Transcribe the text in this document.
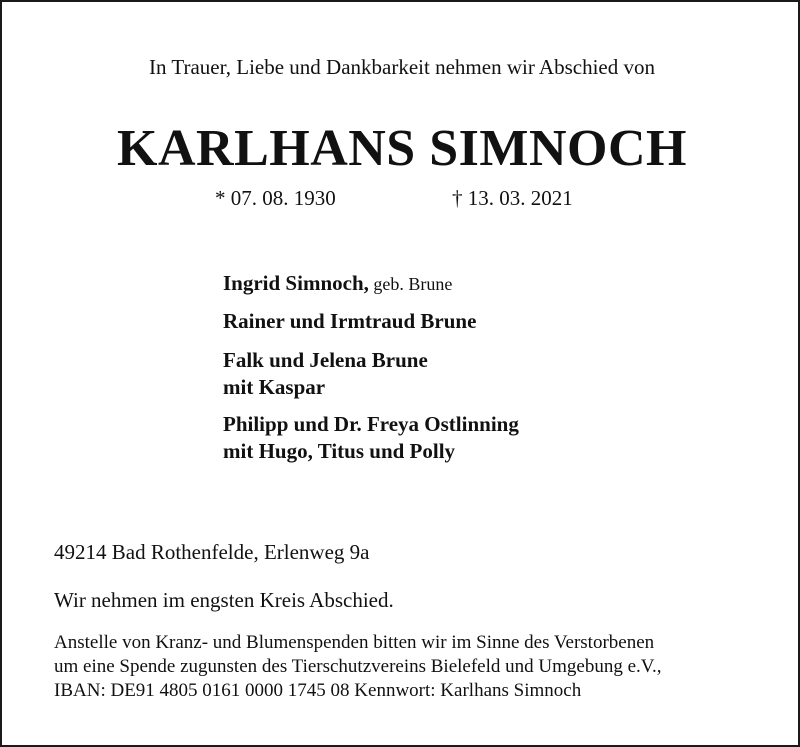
In Trauer, Liebe und Dankbarkeit nehmen wir Abschied von
KARLHANS SIMNOCH
* 07. 08. 1930	† 13. 03. 2021
Ingrid Simnoch, geb. Brune
Rainer und Irmtraud Brune
Falk und Jelena Brune
mit Kaspar
Philipp und Dr. Freya Ostlinning
mit Hugo, Titus und Polly
49214 Bad Rothenfelde, Erlenweg 9a
Wir nehmen im engsten Kreis Abschied.
Anstelle von Kranz- und Blumenspenden bitten wir im Sinne des Verstorbenen
um eine Spende zugunsten des Tierschutzvereins Bielefeld und Umgebung e.V.,
IBAN: DE91 4805 0161 0000 1745 08 Kennwort: Karlhans Simnoch
